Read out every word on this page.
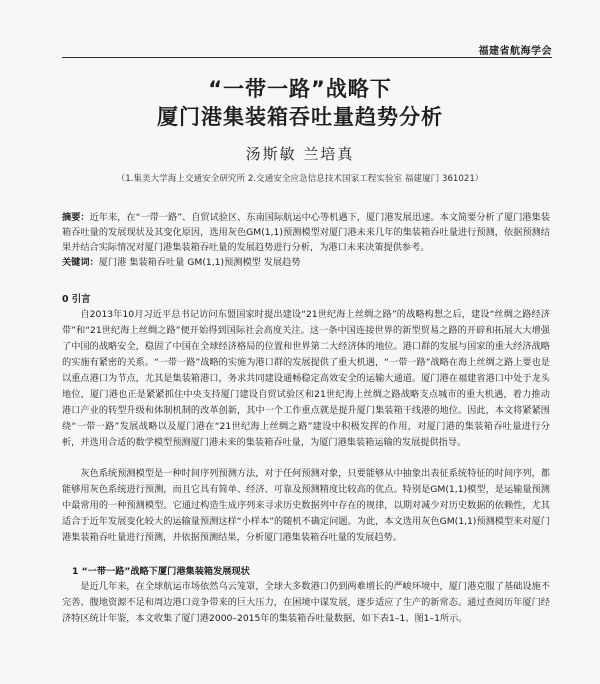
福建省航海学会
“一带一路”战略下
厦门港集装箱吞吐量趋势分析
汤斯敏 兰培真
（1.集美大学海上交通安全研究所 2.交通安全应急信息技术国家工程实验室 福建厦门 361021）
摘要：近年来，在“一带一路”、自贸试验区、东南国际航运中心等机遇下，厦门港发展迅速。本文简要分析了厦门港集装箱吞吐量的发展现状及其变化原因，选用灰色GM(1,1)预测模型对厦门港未来几年的集装箱吞吐量进行预测，依据预测结果并结合实际情况对厦门港集装箱吞吐量的发展趋势进行分析，为港口未来决策提供参考。
关键词：厦门港 集装箱吞吐量 GM(1,1)预测模型 发展趋势
0 引言
自2013年10月习近平总书记访问东盟国家时提出建设“21世纪海上丝绸之路”的战略构想之后，建设“丝绸之路经济带”和“21世纪海上丝绸之路”便开始得到国际社会高度关注。这一条中国连接世界的新型贸易之路的开辟和拓展大大增强了中国的战略安全，稳固了中国在全球经济格局的位置和世界第二大经济体的地位。港口群的发展与国家的重大经济战略的实施有紧密的关系。“一带一路”战略的实施为港口群的发展提供了重大机遇，“一带一路”战略在海上丝绸之路上要也是以重点港口为节点，尤其是集装箱港口，务求共同建设通畅稳定高效安全的运输大通道。厦门港在福建省港口中处于龙头地位，厦门港也正是紧紧抓住中央支持厦门建设自贸试验区和21世纪海上丝绸之路战略支点城市的重大机遇，着力推动港口产业的转型升级和体制机制的改革创新，其中一个工作重点就是提升厦门集装箱干线港的地位。因此，本文将紧紧围绕“一带一路”发展战略以及厦门港在“21世纪海上丝绸之路”建设中积极发挥的作用，对厦门港的集装箱吞吐量进行分析，并选用合适的数学模型预测厦门港未来的集装箱吞吐量，为厦门港集装箱运输的发展提供指导。
灰色系统预测模型是一种时间序列预测方法，对于任何预测对象，只要能够从中抽象出表征系统特征的时间序列，都能够用灰色系统进行预测，而且它具有简单、经济、可靠及预测精度比较高的优点。特别是GM(1,1)模型，是运输量预测中最常用的一种预测模型。它通过构造生成序列来寻求历史数据列中存在的规律，以期对减少对历史数据的依赖性，尤其适合于近年发展变化较大的运输量预测这样“小样本”的随机不确定问题。为此，本文选用灰色GM(1,1)预测模型来对厦门港集装箱吞吐量进行预测，并依据预测结果，分析厦门港集装箱吞吐量的发展趋势。
1 “一带一路”战略下厦门港集装箱发展现状
是近几年来，在全球航运市场依然乌云笼罩，全球大多数港口仍到两难增长的严峻环境中，厦门港克服了基础设施不完善、腹地资源不足和周边港口竞争带来的巨大压力，在困境中谋发展，逐步适应了生产的新常态。通过查阅历年厦门经济特区统计年鉴，本文收集了厦门港2000–2015年的集装箱吞吐量数据，如下表1–1、图1–1所示。
